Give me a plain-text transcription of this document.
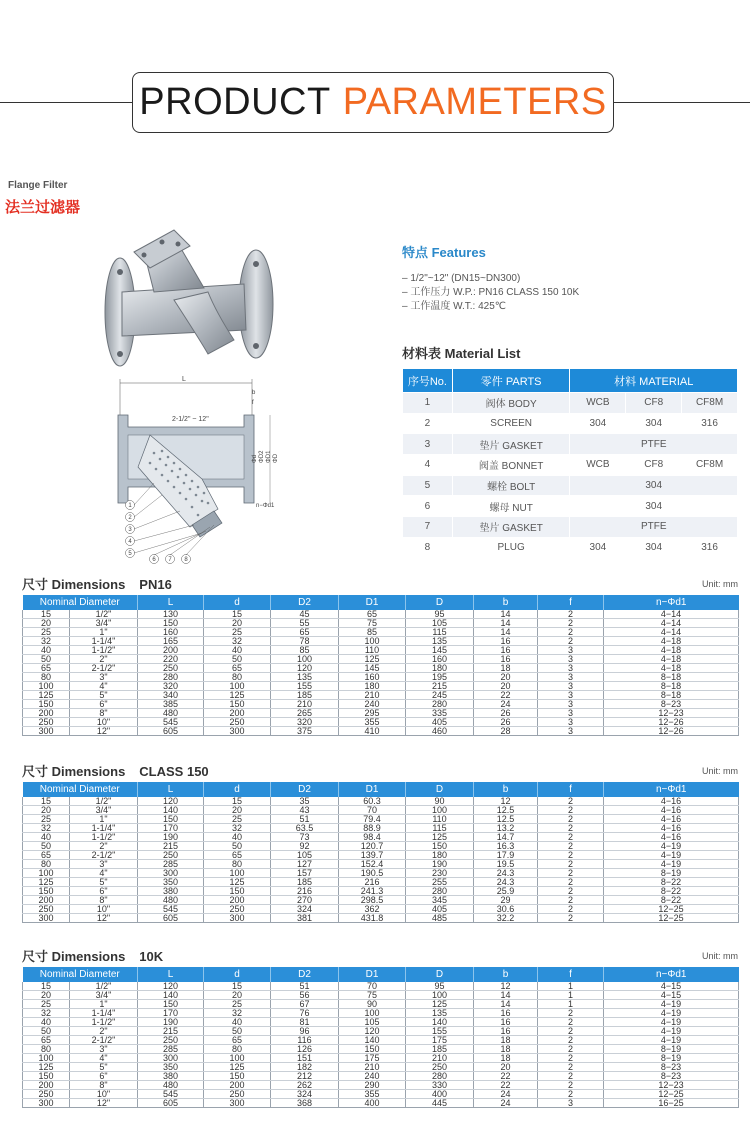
PRODUCT PARAMETERS
Flange Filter
法兰过滤器
L
b
f
2-1/2" ~ 12"
Φd ΦD2 ΦD1 ΦD
n−Φd1
1
2
3
4
5
6 7 8
特点 Features
– 1/2"~12" (DN15~DN300)
– 工作压力 W.P.: PN16 CLASS 150 10K
– 工作温度 W.T.: 425℃
材料表 Material List
序号No.	零件 PARTS	材料 MATERIAL		
1	阀体 BODY	WCB	CF8	CF8M
2	SCREEN	304	304	316
3	垫片 GASKET	PTFE		
4	阀盖 BONNET	WCB	CF8	CF8M
5	螺栓 BOLT	304		
6	螺母 NUT	304		
7	垫片 GASKET	PTFE		
8	PLUG	304	304	316
尺寸 Dimensions PN16	Unit: mm
Nominal Diameter		L	d	D2	D1	D	b	f	n−Φd1
15	1/2"	130	15	45	65	95	14	2	4−14
20	3/4"	150	20	55	75	105	14	2	4−14
25	1"	160	25	65	85	115	14	2	4−14
32	1-1/4"	165	32	78	100	135	16	2	4−18
40	1-1/2"	200	40	85	110	145	16	3	4−18
50	2"	220	50	100	125	160	16	3	4−18
65	2-1/2"	250	65	120	145	180	18	3	4−18
80	3"	280	80	135	160	195	20	3	8−18
100	4"	320	100	155	180	215	20	3	8−18
125	5"	340	125	185	210	245	22	3	8−18
150	6"	385	150	210	240	280	24	3	8−23
200	8"	480	200	265	295	335	26	3	12−23
250	10"	545	250	320	355	405	26	3	12−26
300	12"	605	300	375	410	460	28	3	12−26
尺寸 Dimensions CLASS 150	Unit: mm
Nominal Diameter		L	d	D2	D1	D	b	f	n−Φd1
15	1/2"	120	15	35	60.3	90	12	2	4−16
20	3/4"	140	20	43	70	100	12.5	2	4−16
25	1"	150	25	51	79.4	110	12.5	2	4−16
32	1-1/4"	170	32	63.5	88.9	115	13.2	2	4−16
40	1-1/2"	190	40	73	98.4	125	14.7	2	4−16
50	2"	215	50	92	120.7	150	16.3	2	4−19
65	2-1/2"	250	65	105	139.7	180	17.9	2	4−19
80	3"	285	80	127	152.4	190	19.5	2	4−19
100	4"	300	100	157	190.5	230	24.3	2	8−19
125	5"	350	125	185	216	255	24.3	2	8−22
150	6"	380	150	216	241.3	280	25.9	2	8−22
200	8"	480	200	270	298.5	345	29	2	8−22
250	10"	545	250	324	362	405	30.6	2	12−25
300	12"	605	300	381	431.8	485	32.2	2	12−25
尺寸 Dimensions 10K	Unit: mm
Nominal Diameter		L	d	D2	D1	D	b	f	n−Φd1
15	1/2"	120	15	51	70	95	12	1	4−15
20	3/4"	140	20	56	75	100	14	1	4−15
25	1"	150	25	67	90	125	14	1	4−19
32	1-1/4"	170	32	76	100	135	16	2	4−19
40	1-1/2"	190	40	81	105	140	16	2	4−19
50	2"	215	50	96	120	155	16	2	4−19
65	2-1/2"	250	65	116	140	175	18	2	4−19
80	3"	285	80	126	150	185	18	2	8−19
100	4"	300	100	151	175	210	18	2	8−19
125	5"	350	125	182	210	250	20	2	8−23
150	6"	380	150	212	240	280	22	2	8−23
200	8"	480	200	262	290	330	22	2	12−23
250	10"	545	250	324	355	400	24	2	12−25
300	12"	605	300	368	400	445	24	3	16−25
